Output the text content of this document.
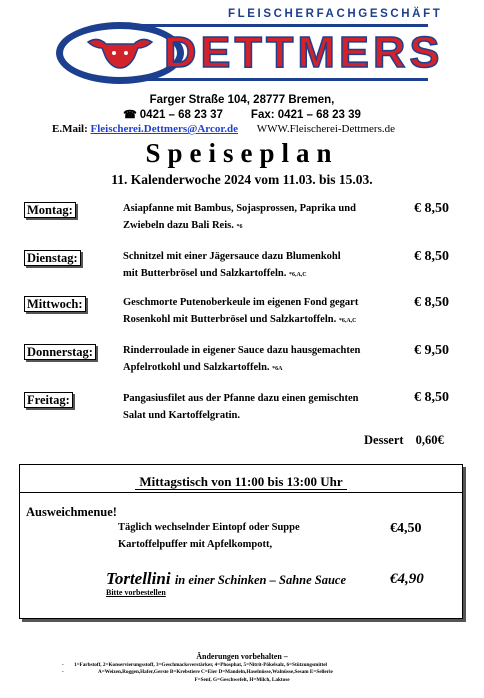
FLEISCHERFACHGESCHÄFT
DETTMERS
Farger Straße 104, 28777 Bremen,
☎ 0421 – 68 23 37 Fax: 0421 – 68 23 39
E.Mail: Fleischerei.Dettmers@Arcor.de WWW.Fleischerei-Dettmers.de
Speiseplan
11. Kalenderwoche 2024 vom 11.03. bis 15.03.
Montag:	Asiapfanne mit Bambus, Sojasprossen, Paprika und
Zwiebeln dazu Bali Reis. *6
€ 8,50
Dienstag:	Schnitzel mit einer Jägersauce dazu Blumenkohl
mit Butterbrösel und Salzkartoffeln. *6,A,C
€ 8,50
Mittwoch:	Geschmorte Putenoberkeule im eigenen Fond gegart
Rosenkohl mit Butterbrösel und Salzkartoffeln. *6,A,C
€ 8,50
Donnerstag:	Rinderroulade in eigener Sauce dazu hausgemachten
Apfelrotkohl und Salzkartoffeln. *6A
€ 9,50
Freitag:	Pangasiusfilet aus der Pfanne dazu einen gemischten
Salat und Kartoffelgratin.
€ 8,50
Dessert 0,60€
Mittagstisch von 11:00 bis 13:00 Uhr
Ausweichmenue!
Täglich wechselnder Eintopf oder Suppe
Kartoffelpuffer mit Apfelkompott,
€4,50
Tortellini in einer Schinken – Sahne Sauce	€4,90
Bitte vorbestellen
Änderungen vorbehalten –
- 1=Farbstoff, 2=Konservierungsstoff, 3=Geschmacksverstärker, 4=Phosphat, 5=Nitrit-Pökelsalz, 6=Stützungsmittel
-	A=Weizen,Roggen,Hafer,Gerste B=Krebstiere C=Eier D=Mandeln,Haselnüsse,Walnüsse,Sesam E=Sellerie
F=Senf, G=Geschwefelt, H=Milch, Laktose
